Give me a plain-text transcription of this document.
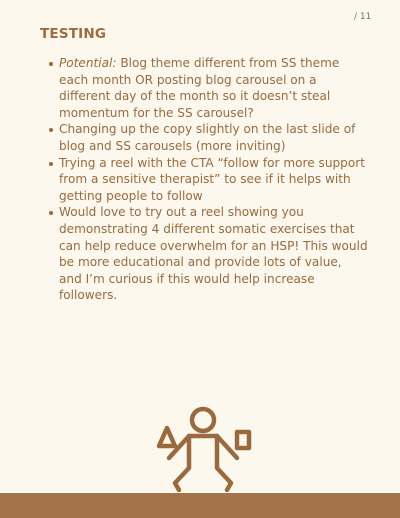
/ 11
TESTING
Potential: Blog theme different from SS theme each month OR posting blog carousel on a different day of the month so it doesn’t steal momentum for the SS carousel?
Changing up the copy slightly on the last slide of blog and SS carousels (more inviting)
Trying a reel with the CTA “follow for more support from a sensitive therapist” to see if it helps with getting people to follow
Would love to try out a reel showing you demonstrating 4 different somatic exercises that can help reduce overwhelm for an HSP! This would be more educational and provide lots of value, and I’m curious if this would help increase followers.
